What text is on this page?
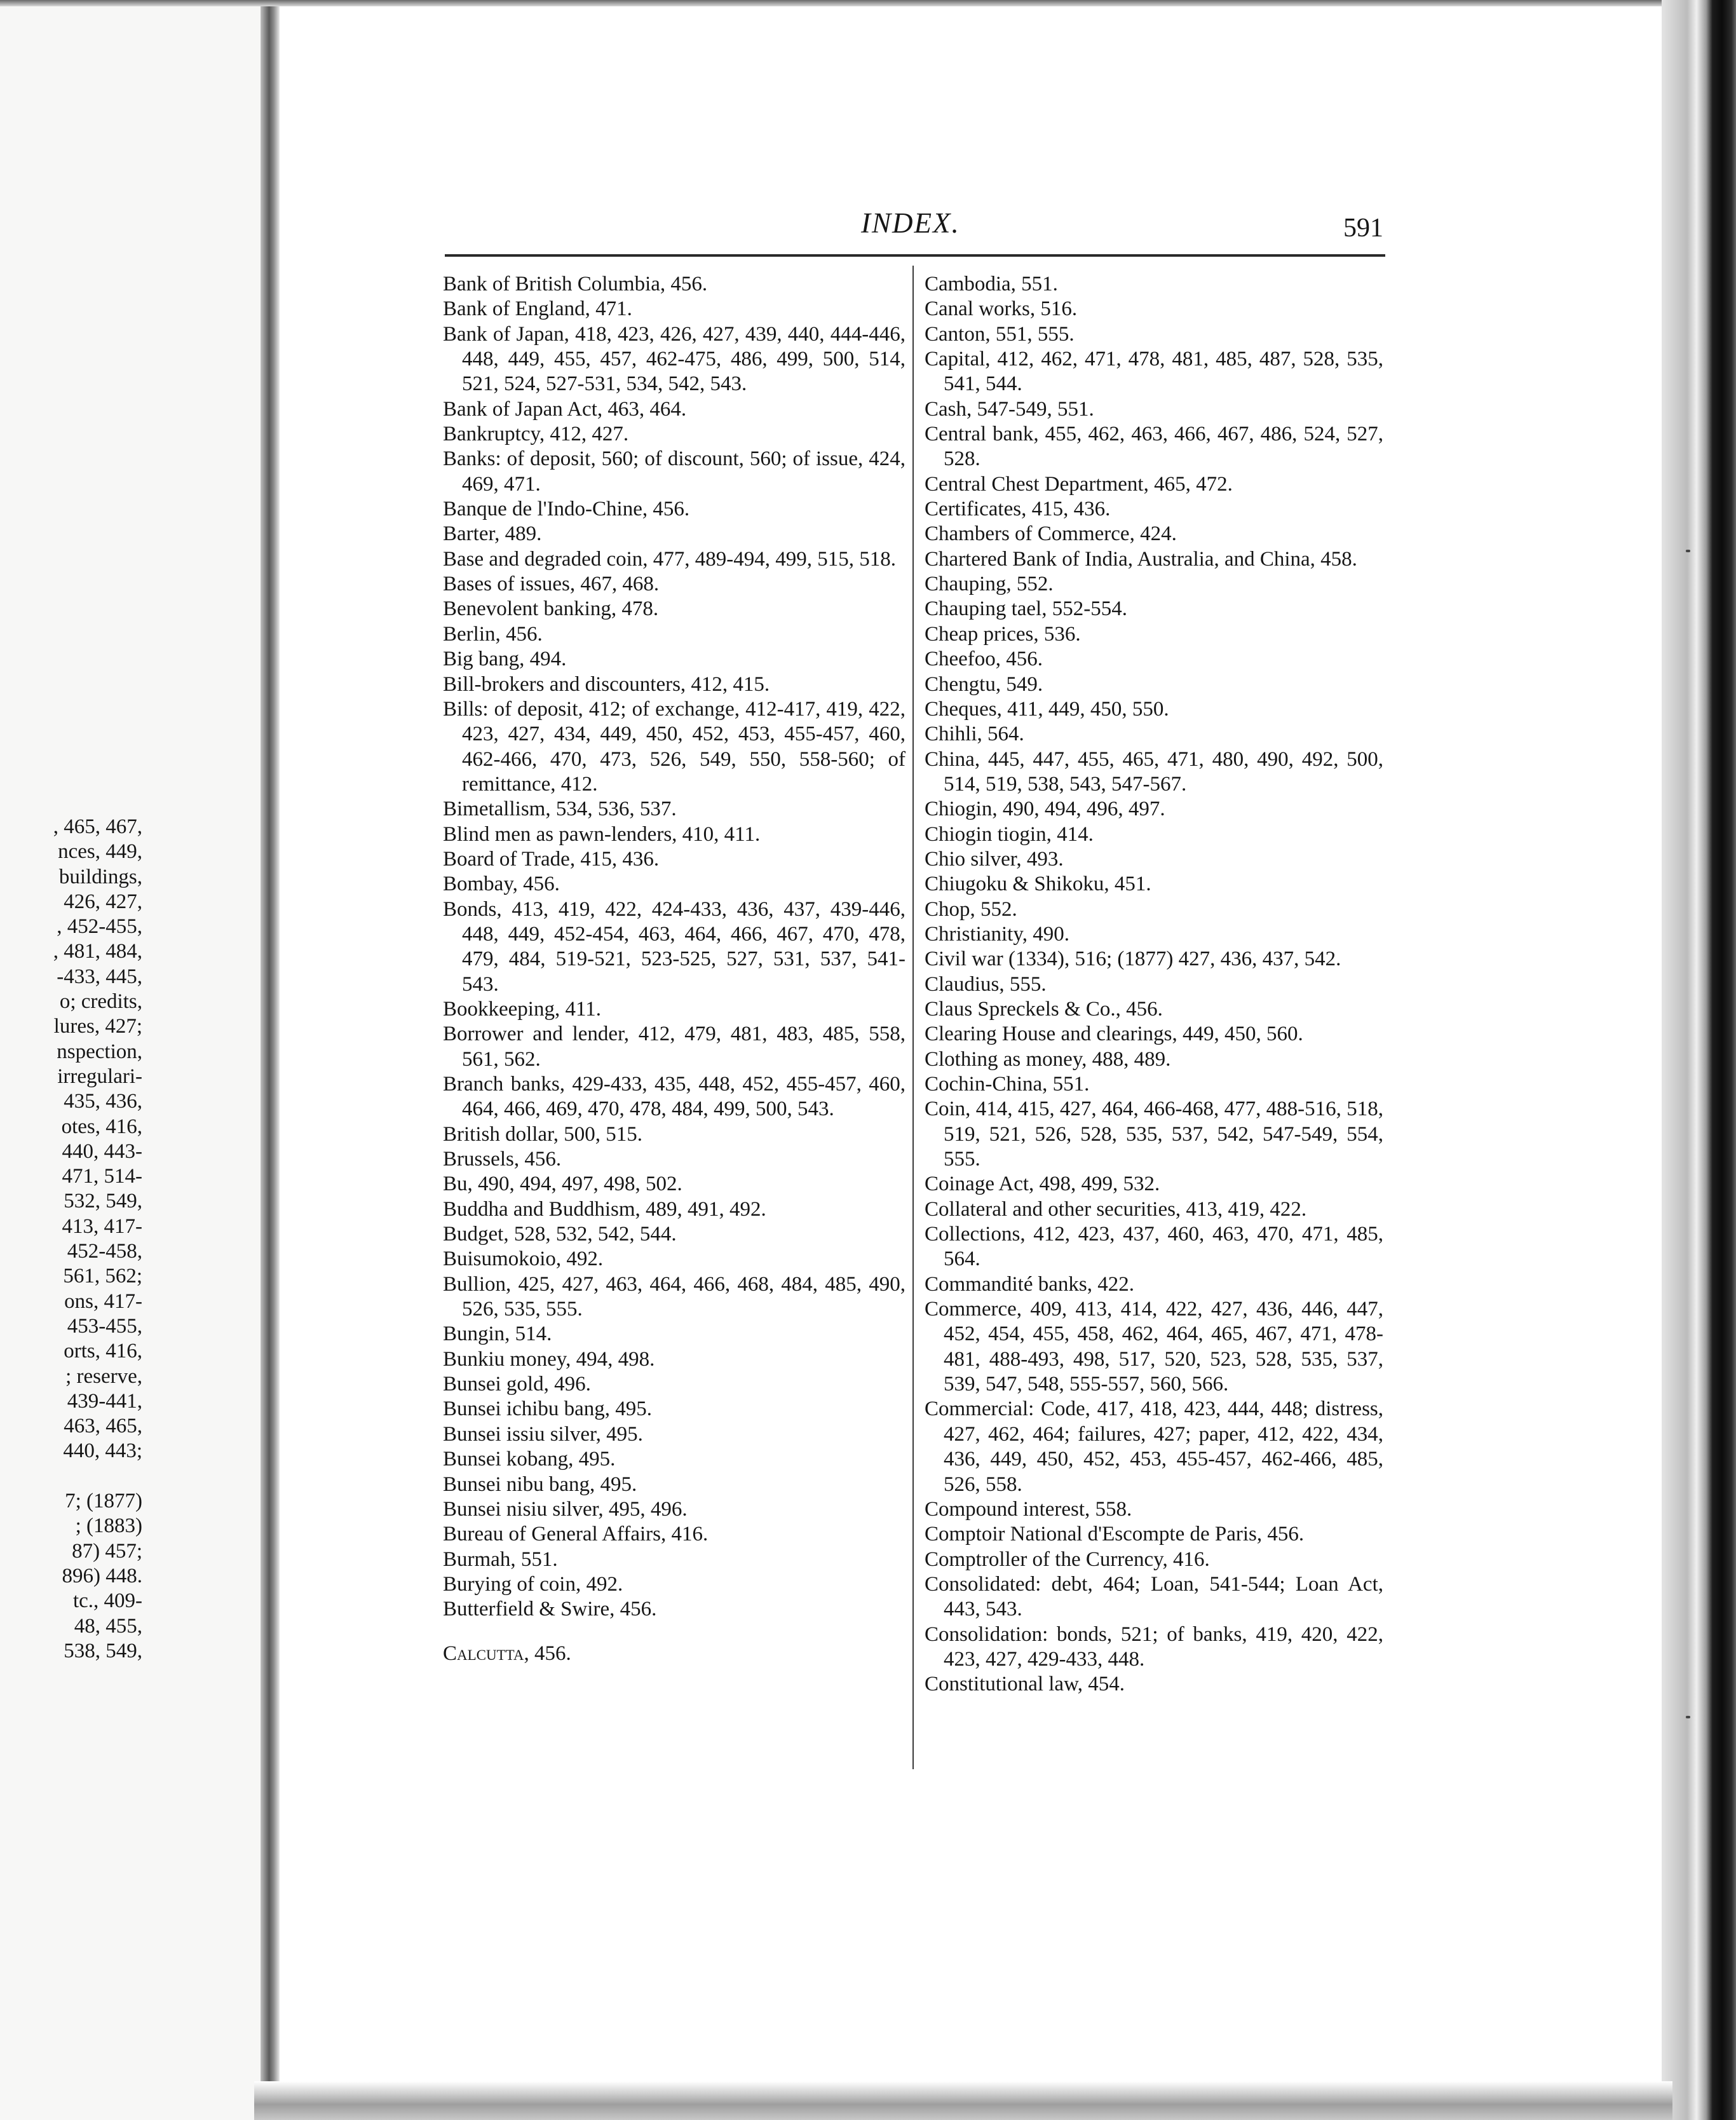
, 465, 467,
nces, 449,
buildings,
426, 427,
, 452-455,
, 481, 484,
-433, 445,
o; credits,
lures, 427;
nspection,
irregulari-
435, 436,
otes, 416,
440, 443-
471, 514-
532, 549,
413, 417-
452-458,
561, 562;
ons, 417-
453-455,
orts, 416,
; reserve,
439-441,
463, 465,
440, 443;
7; (1877)
; (1883)
87) 457;
896) 448.
tc., 409-
48, 455,
538, 549,
INDEX.	591
Bank of British Columbia, 456.
Bank of England, 471.
Bank of Japan, 418, 423, 426, 427, 439, 440, 444-446, 448, 449, 455, 457, 462-475, 486, 499, 500, 514, 521, 524, 527-531, 534, 542, 543.
Bank of Japan Act, 463, 464.
Bankruptcy, 412, 427.
Banks: of deposit, 560; of discount, 560; of issue, 424, 469, 471.
Banque de l'Indo-Chine, 456.
Barter, 489.
Base and degraded coin, 477, 489-494, 499, 515, 518.
Bases of issues, 467, 468.
Benevolent banking, 478.
Berlin, 456.
Big bang, 494.
Bill-brokers and discounters, 412, 415.
Bills: of deposit, 412; of exchange, 412-417, 419, 422, 423, 427, 434, 449, 450, 452, 453, 455-457, 460, 462-466, 470, 473, 526, 549, 550, 558-560; of remittance, 412.
Bimetallism, 534, 536, 537.
Blind men as pawn-lenders, 410, 411.
Board of Trade, 415, 436.
Bombay, 456.
Bonds, 413, 419, 422, 424-433, 436, 437, 439-446, 448, 449, 452-454, 463, 464, 466, 467, 470, 478, 479, 484, 519-521, 523-525, 527, 531, 537, 541-543.
Bookkeeping, 411.
Borrower and lender, 412, 479, 481, 483, 485, 558, 561, 562.
Branch banks, 429-433, 435, 448, 452, 455-457, 460, 464, 466, 469, 470, 478, 484, 499, 500, 543.
British dollar, 500, 515.
Brussels, 456.
Bu, 490, 494, 497, 498, 502.
Buddha and Buddhism, 489, 491, 492.
Budget, 528, 532, 542, 544.
Buisumokoio, 492.
Bullion, 425, 427, 463, 464, 466, 468, 484, 485, 490, 526, 535, 555.
Bungin, 514.
Bunkiu money, 494, 498.
Bunsei gold, 496.
Bunsei ichibu bang, 495.
Bunsei issiu silver, 495.
Bunsei kobang, 495.
Bunsei nibu bang, 495.
Bunsei nisiu silver, 495, 496.
Bureau of General Affairs, 416.
Burmah, 551.
Burying of coin, 492.
Butterfield & Swire, 456.
Calcutta, 456.
Cambodia, 551.
Canal works, 516.
Canton, 551, 555.
Capital, 412, 462, 471, 478, 481, 485, 487, 528, 535, 541, 544.
Cash, 547-549, 551.
Central bank, 455, 462, 463, 466, 467, 486, 524, 527, 528.
Central Chest Department, 465, 472.
Certificates, 415, 436.
Chambers of Commerce, 424.
Chartered Bank of India, Australia, and China, 458.
Chauping, 552.
Chauping tael, 552-554.
Cheap prices, 536.
Cheefoo, 456.
Chengtu, 549.
Cheques, 411, 449, 450, 550.
Chihli, 564.
China, 445, 447, 455, 465, 471, 480, 490, 492, 500, 514, 519, 538, 543, 547-567.
Chiogin, 490, 494, 496, 497.
Chiogin tiogin, 414.
Chio silver, 493.
Chiugoku & Shikoku, 451.
Chop, 552.
Christianity, 490.
Civil war (1334), 516; (1877) 427, 436, 437, 542.
Claudius, 555.
Claus Spreckels & Co., 456.
Clearing House and clearings, 449, 450, 560.
Clothing as money, 488, 489.
Cochin-China, 551.
Coin, 414, 415, 427, 464, 466-468, 477, 488-516, 518, 519, 521, 526, 528, 535, 537, 542, 547-549, 554, 555.
Coinage Act, 498, 499, 532.
Collateral and other securities, 413, 419, 422.
Collections, 412, 423, 437, 460, 463, 470, 471, 485, 564.
Commandité banks, 422.
Commerce, 409, 413, 414, 422, 427, 436, 446, 447, 452, 454, 455, 458, 462, 464, 465, 467, 471, 478-481, 488-493, 498, 517, 520, 523, 528, 535, 537, 539, 547, 548, 555-557, 560, 566.
Commercial: Code, 417, 418, 423, 444, 448; distress, 427, 462, 464; failures, 427; paper, 412, 422, 434, 436, 449, 450, 452, 453, 455-457, 462-466, 485, 526, 558.
Compound interest, 558.
Comptoir National d'Escompte de Paris, 456.
Comptroller of the Currency, 416.
Consolidated: debt, 464; Loan, 541-544; Loan Act, 443, 543.
Consolidation: bonds, 521; of banks, 419, 420, 422, 423, 427, 429-433, 448.
Constitutional law, 454.
